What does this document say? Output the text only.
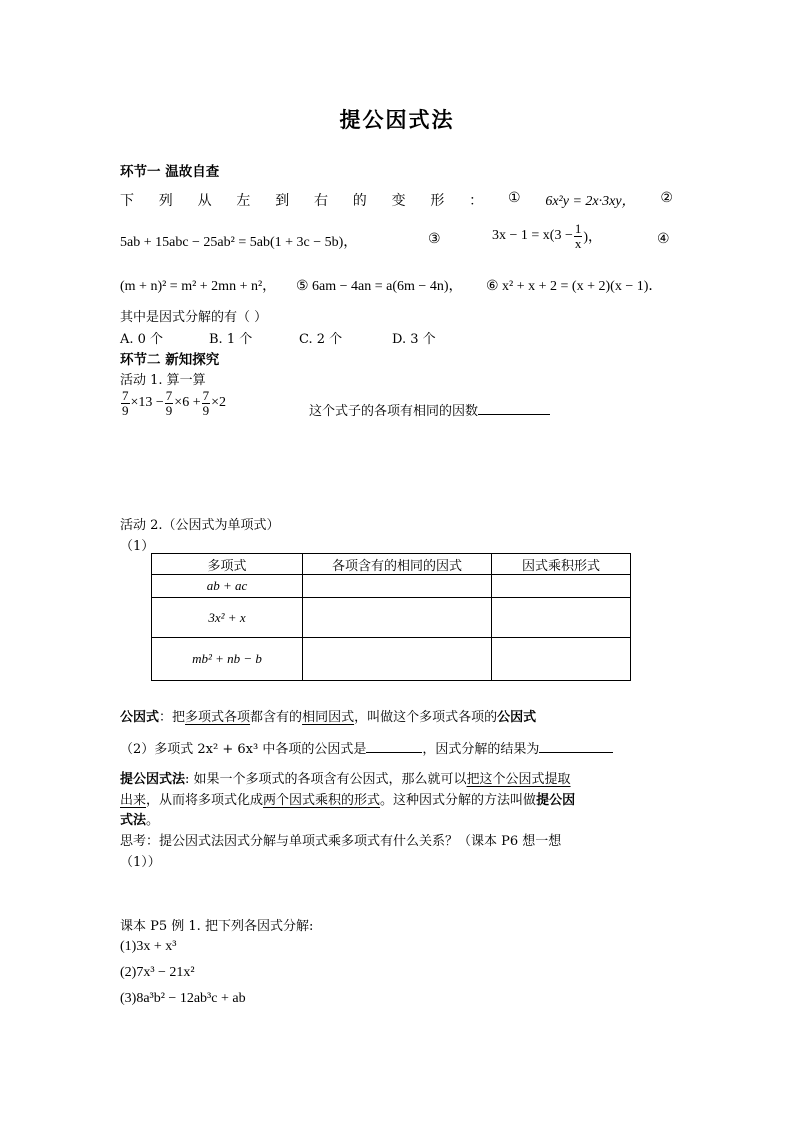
提公因式法
环节一 温故自查
下 列 从 左 到 右 的 变 形 ： ① 6x²y = 2x·3xy， ②
5ab + 15abc − 25ab² = 5ab(1 + 3c − 5b)，	③	$3x - 1 = x(3 - \frac{1}{x}$ )，	④
(m + n)² = m² + 2mn + n²， ⑤ 6am − 4an = a(6m − 4n)， ⑥ x² + x + 2 = (x + 2)(x − 1)．
其中是因式分解的有（ ）
A. 0 个	B. 1 个	C. 2 个	D. 3 个
环节二 新知探究
活动 1. 算一算
$\frac{7}{9} \times 13 - \frac{7}{9} \times 6 + \frac{7}{9} \times 2$
这个式子的各项有相同的因数
活动 2.（公因式为单项式）
（1）
多项式	各项含有的相同的因式	因式乘积形式
ab + ac		
3x² + x		
mb² + nb − b		
公因式：把多项式各项都含有的相同因式，叫做这个多项式各项的公因式
（2）多项式 2x² + 6x³ 中各项的公因式是	，因式分解的结果为
提公因式法: 如果一个多项式的各项含有公因式，那么就可以把这个公因式提取
出来，从而将多项式化成两个因式乘积的形式。这种因式分解的方法叫做提公因
式法。
思考：提公因式法因式分解与单项式乘多项式有什么关系？（课本 P6 想一想
（1））
课本 P5 例 1. 把下列各因式分解:
(1)3x + x³
(2)7x³ − 21x²
(3)8a³b² − 12ab³c + ab
